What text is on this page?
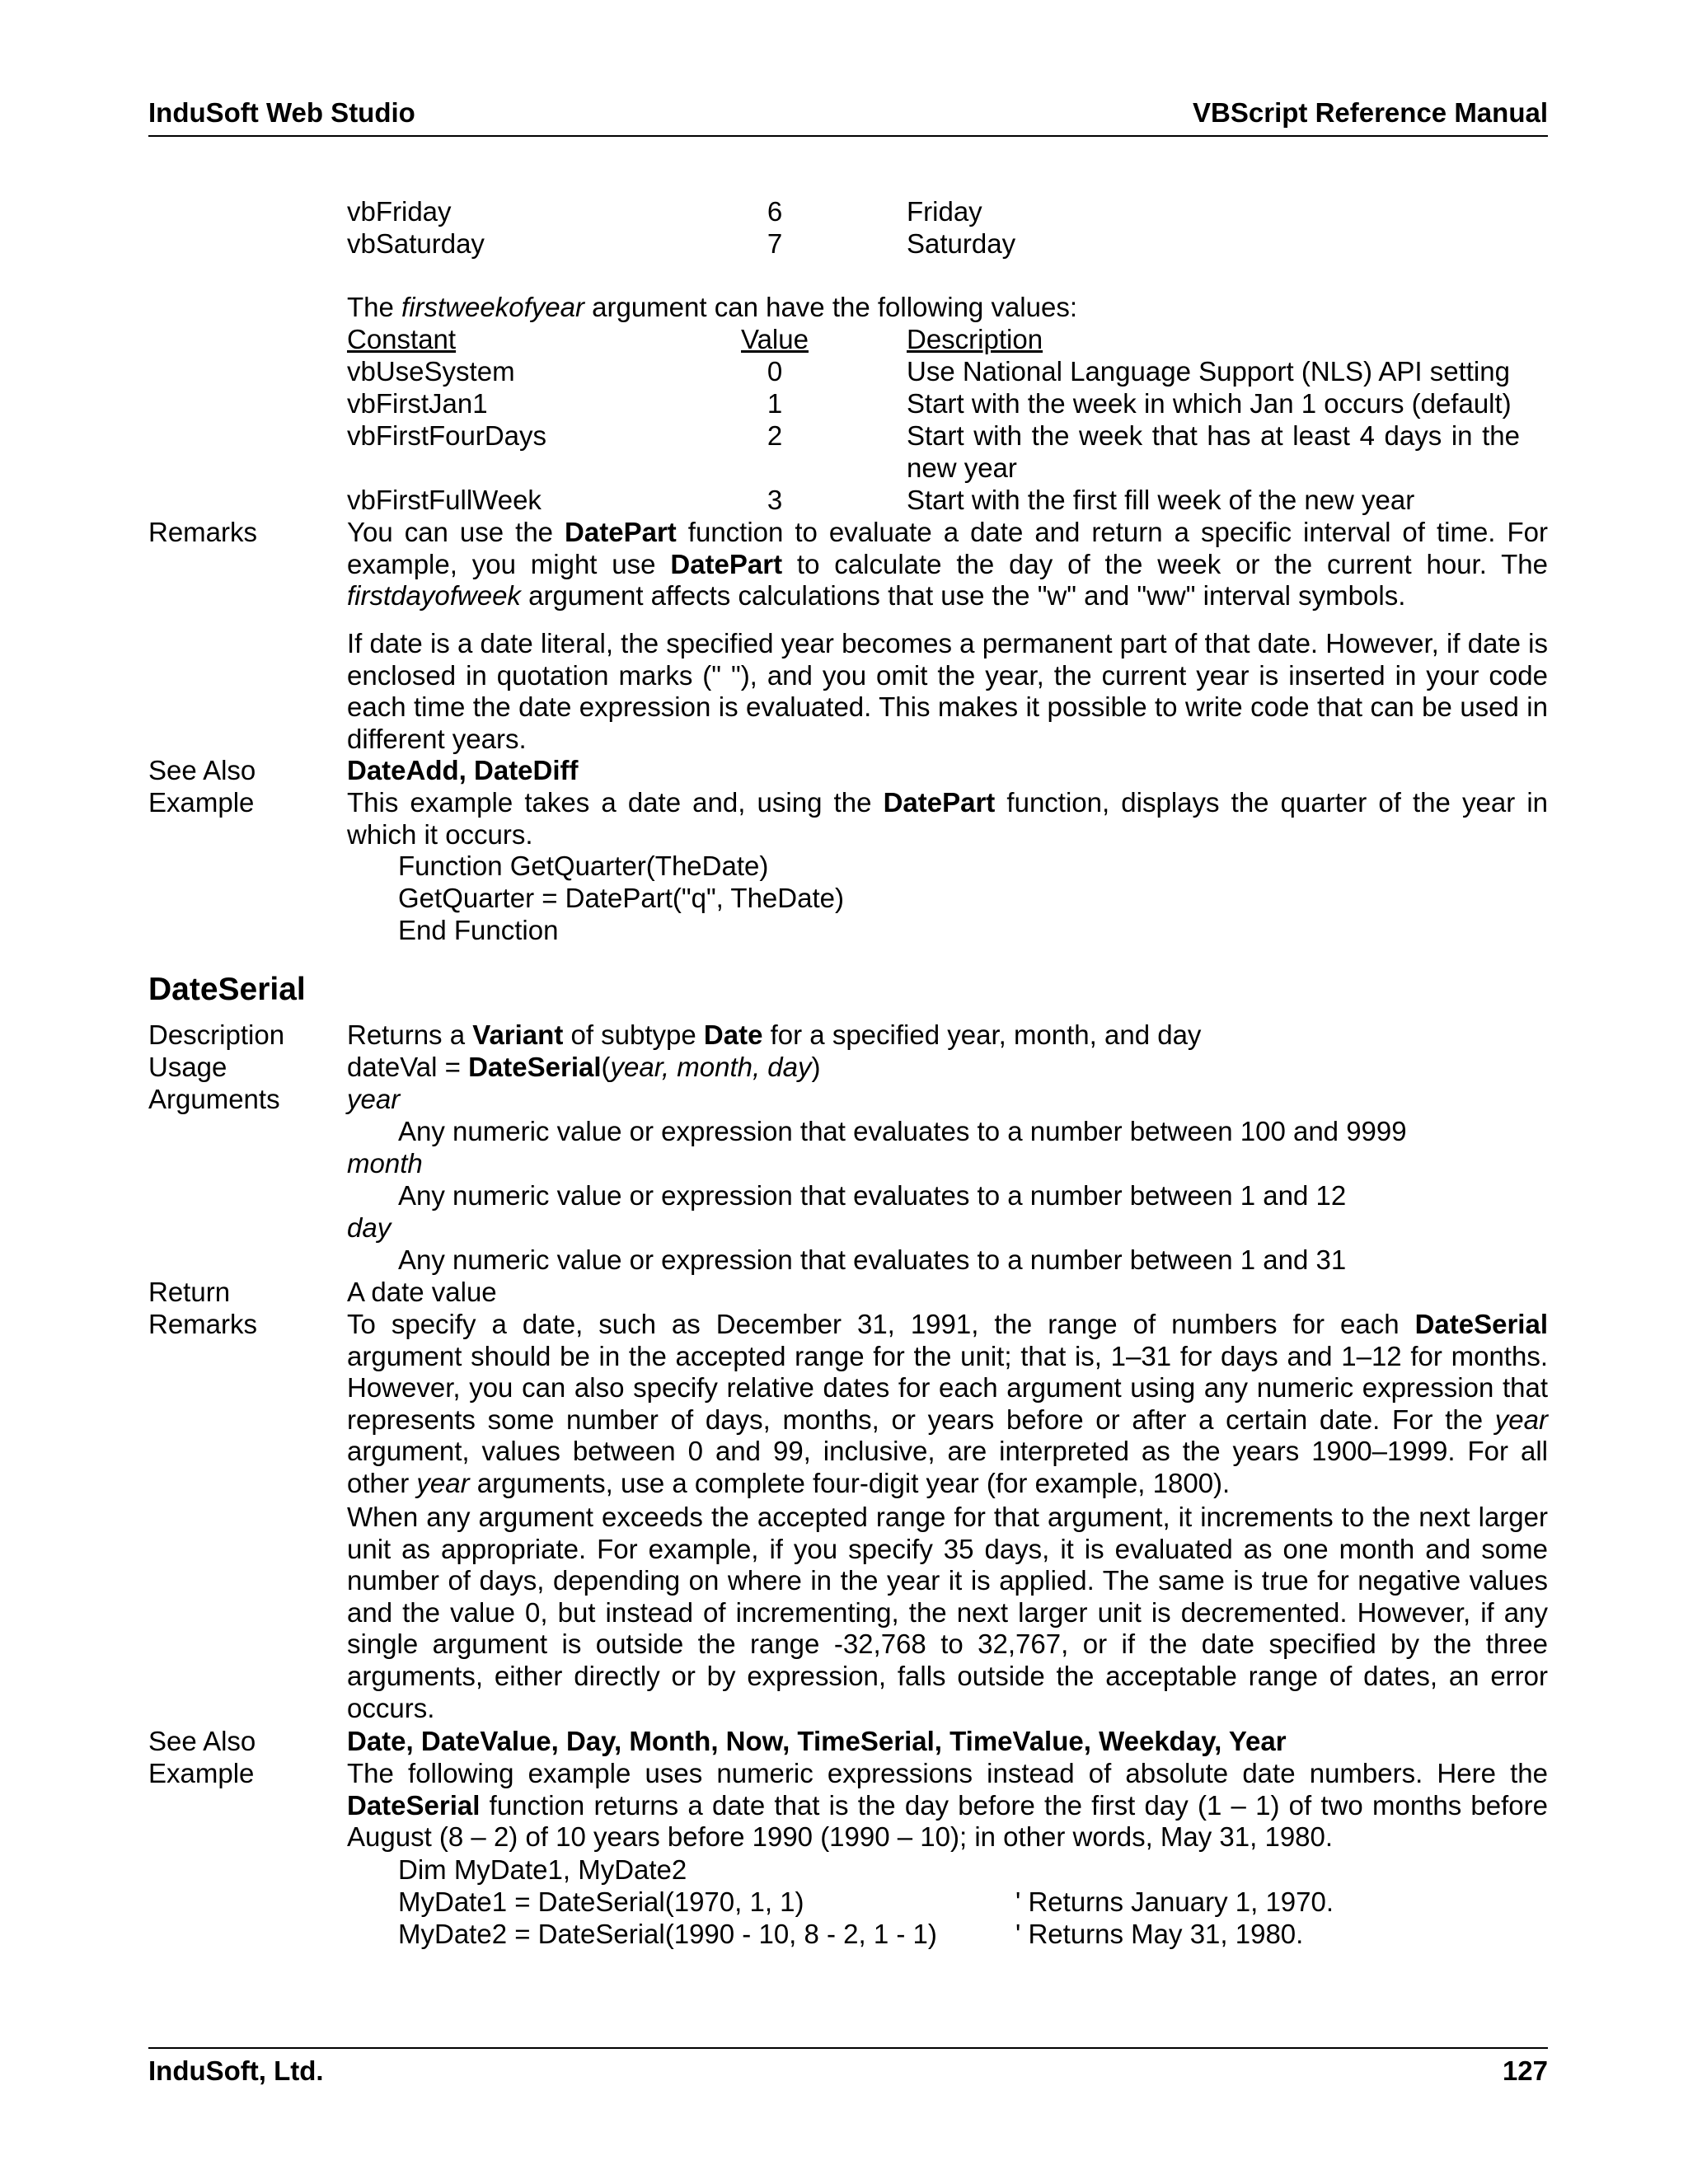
InduSoft Web Studio	VBScript Reference Manual
vbFriday	6	Friday
vbSaturday	7	Saturday
The firstweekofyear argument can have the following values:
Constant	Value	Description
vbUseSystem	0	Use National Language Support (NLS) API setting
vbFirstJan1	1	Start with the week in which Jan 1 occurs (default)
vbFirstFourDays	2	Start with the week that has at least 4 days in the new year
vbFirstFullWeek	3	Start with the first fill week of the new year
Remarks	You can use the DatePart function to evaluate a date and return a specific interval of time. For example, you might use DatePart to calculate the day of the week or the current hour. The firstdayofweek argument affects calculations that use the "w" and "ww" interval symbols.
If date is a date literal, the specified year becomes a permanent part of that date. However, if date is enclosed in quotation marks (" "), and you omit the year, the current year is inserted in your code each time the date expression is evaluated. This makes it possible to write code that can be used in different years.
See Also	DateAdd, DateDiff
Example	This example takes a date and, using the DatePart function, displays the quarter of the year in which it occurs.
Function GetQuarter(TheDate)
GetQuarter = DatePart("q", TheDate)
End Function
DateSerial
Description Returns a Variant of subtype Date for a specified year, month, and day
Usage	dateVal = DateSerial(year, month, day)
Arguments year
Any numeric value or expression that evaluates to a number between 100 and 9999
month
Any numeric value or expression that evaluates to a number between 1 and 12
day
Any numeric value or expression that evaluates to a number between 1 and 31
Return	A date value
Remarks	To specify a date, such as December 31, 1991, the range of numbers for each DateSerial argument should be in the accepted range for the unit; that is, 1–31 for days and 1–12 for months. However, you can also specify relative dates for each argument using any numeric expression that represents some number of days, months, or years before or after a certain date. For the year argument, values between 0 and 99, inclusive, are interpreted as the years 1900–1999. For all other year arguments, use a complete four-digit year (for example, 1800).
When any argument exceeds the accepted range for that argument, it increments to the next larger unit as appropriate. For example, if you specify 35 days, it is evaluated as one month and some number of days, depending on where in the year it is applied. The same is true for negative values and the value 0, but instead of incrementing, the next larger unit is decremented. However, if any single argument is outside the range -32,768 to 32,767, or if the date specified by the three arguments, either directly or by expression, falls outside the acceptable range of dates, an error occurs.
See Also	Date, DateValue, Day, Month, Now, TimeSerial, TimeValue, Weekday, Year
Example	The following example uses numeric expressions instead of absolute date numbers. Here the DateSerial function returns a date that is the day before the first day (1 – 1) of two months before August (8 – 2) of 10 years before 1990 (1990 – 10); in other words, May 31, 1980.
Dim MyDate1, MyDate2
MyDate1 = DateSerial(1970, 1, 1)	' Returns January 1, 1970.
MyDate2 = DateSerial(1990 - 10, 8 - 2, 1 - 1)	' Returns May 31, 1980.
InduSoft, Ltd.	127
